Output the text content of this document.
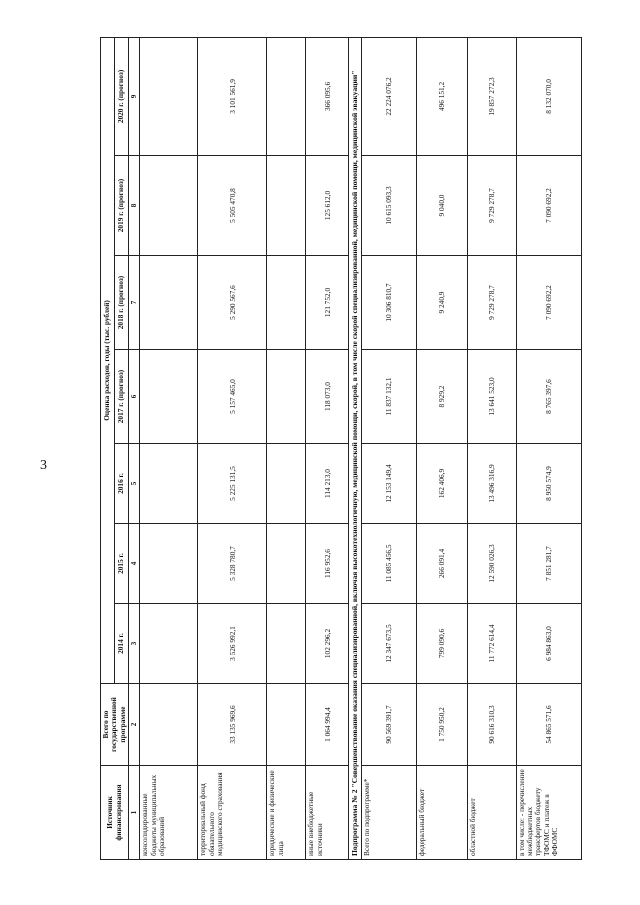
3
Источник финансирования	Всего по государственной программе	Оценка расходов, годы (тыс. рублей)						
		2014 г.	2015 г.	2016 г.	2017 г. (прогноз)	2018 г. (прогноз)	2019 г. (прогноз)	2020 г. (прогноз)
1	2	3	4	5	6	7	8	9
консолидированные бюджеты муниципальных образований								
территориальный фонд обязательного медицинского страхования	33 135 969,6	3 526 992,1	5 328 780,7	5 225 131,5	5 157 465,0	5 290 567,6	5 505 470,8	3 101 561,9
юридические и физические лица								
иные внебюджетные источники	1 064 994,4	102 296,2	116 952,6	114 213,0	118 073,0	121 752,0	125 612,0	366 095,6
Подпрограмма № 2 "Совершенствование оказания специализированной, включая высокотехнологичную, медицинской помощи, скорой, в том числе скорой специализированной, медицинской помощи, медицинской эвакуации"								
Всего по подпрограмме*	90 569 391,7	12 347 673,5	11 085 456,5	12 153 149,4	11 837 132,1	10 306 810,7	10 615 093,3	22 224 076,2
федеральный бюджет	1 750 950,2	799 090,6	266 091,4	162 406,9	8 929,2	9 240,9	9 040,0	496 151,2
областной бюджет	90 616 310,3	11 772 614,4	12 590 026,3	13 496 316,9	13 641 523,0	9 729 278,7	9 729 278,7	19 857 272,3
в том числе: - перечисление межбюджетных трансфертов бюджету ТФОМС и платеж в ФФОМС	54 865 571,6	6 984 863,0	7 851 281,7	8 950 574,9	8 765 397,6	7 090 692,2	7 090 692,2	8 132 070,0
